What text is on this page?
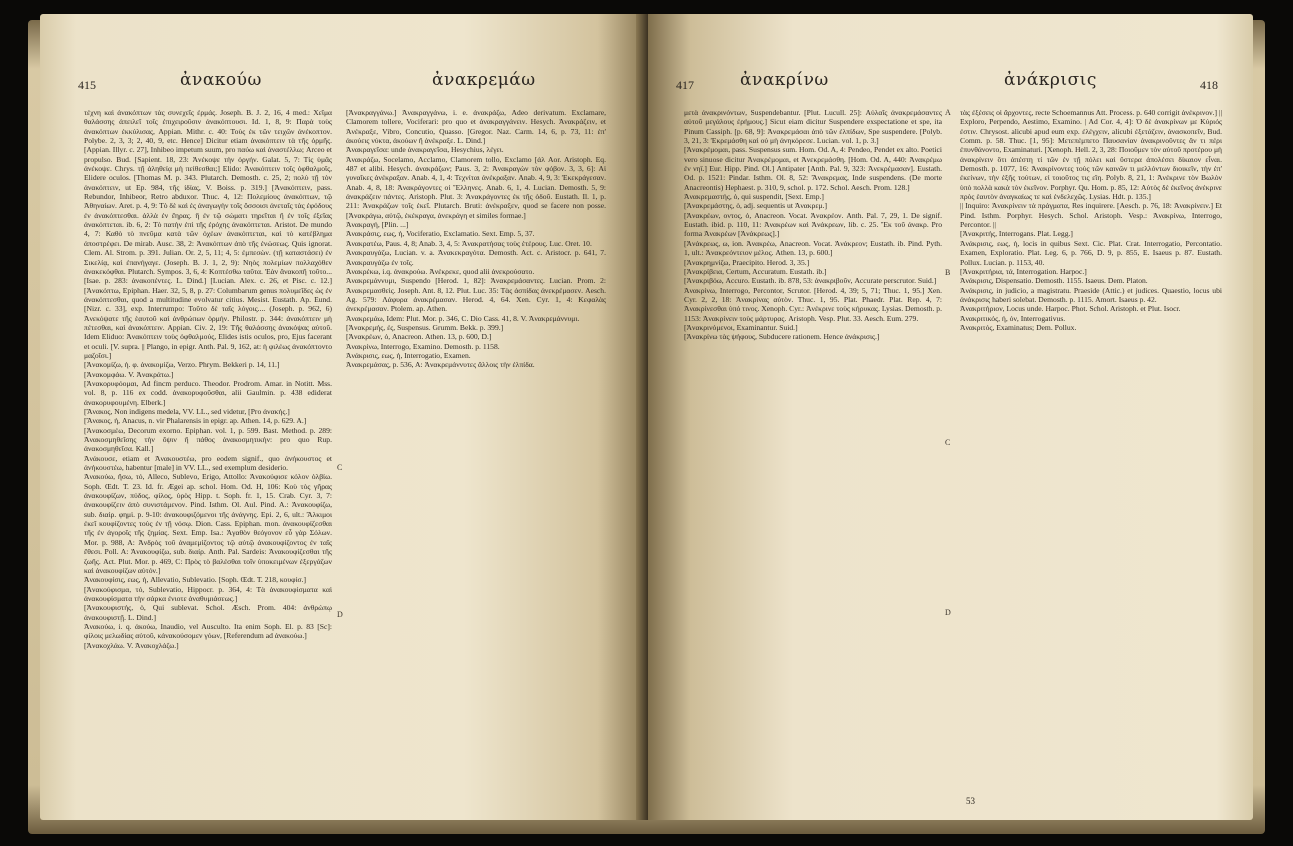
415	ἀνακούω	ἀνακρεμάω
τέχνη καὶ ἀνακόπτων τὰς συνεχεῖς ἐρμάς. Joseph. B. J. 2, 16, 4 med.: Χεῖμα θαλάσσης ἀπειλεῖ τοῖς ἐπιχειροῦσιν ἀνακόπτουσι. Id. 1, 8, 9: Παρὰ τοὺς ἀνακόπτων ἐκκύλισας, Appian. Mithr. c. 40: Τοὺς ἐκ τῶν τειχῶν ἀνέκοπτον. Polybe. 2, 3, 3; 2, 40, 9, etc. Hence] Dicitur etiam ἀνακόπτειν τὰ τῆς ὁρμῆς. [Appian. Illyr. c. 27], Inhibeo impetum suum, pro παύω καὶ ἀναστέλλω; Arceo et propulso. Bud. [Sapient. 18, 23: Ἀνέκοψε τὴν ὀργήν. Galat. 5, 7: Τίς ὑμᾶς ἀνέκοψε. Chrys. τῇ ἀληθείᾳ μὴ πείθεσθαι;] Elido: Ἀνακόπτειν τοῖς ὀφθαλμοῖς, Elidere oculos. [Thomas M. p. 343. Plutarch. Demosth. c. 25, 2; πολὺ τῇ τὸν ἀνακόπτειν, ut Ep. 984, τῆς ἰδίας, V. Boiss. p. 319.] [Ἀνακόπτειν, pass. Rebundor, Inhibeor, Retro abduxor. Thuc. 4, 12: Πολεμίους ἀνακόπτων, τῷ Ἀθηναίων. Aret. p. 4, 9: Τὸ δὲ καὶ ἐς ἀναγωγὴν τοῖς ὄσσοισι ἀνεταῖς τὰς ἐφόδους ἐν ἀνακόπτεσθαι. ἀλλὰ ἐν ἔηρας. ἢ ἐν τῷ σώματι τηρεῖται ἢ ἐν τοῖς ἐξεῖας ἀνακόπτεται. ib. 6, 2: Τὸ πατὴν ἐπὶ τῆς ἐρόχης ἀνακόπτεται. Aristot. De mundo 4, 7: Καθὸ τὸ πνεῦμα κατὰ τῶν ὀχέων ἀνακόπτεται, καὶ τὸ κατέβλημα ἀποστρέφει. De mirab. Ausc. 38, 2: Ἀνακόπτων ἀπὸ τῆς ἐνώσεως. Quis ignorat. Clem. Al. Strom. p. 391. Julian. Or. 2, 5, 11; 4, 5: ἐμπεσὼν. (τῇ καταστάσει) ἐν Σικελίᾳ, καὶ ἐπανήγαγε. (Joseph. B. J. 1, 2, 9): Νηὸς πολεμίων πολλαχόθεν ἀνακεκόφθαι. Plutarch. Sympos. 3, 6, 4: Κοπτέσθω ταῦτα. Ἐὰν ἄνακοπῆ τοῦτο... [Isae. p. 283: ἀνακοπέντες. L. Dind.] [Lucian. Alex. c. 26, et Pisc. c. 12.] [Ἀνακόπτω, Epiphan. Haer. 32, 5, 8, p. 27: Columbarum genus πολυμεῖδες ὡς ἐν ἀνακόπτεσθαι, quod a multitudine evolvatur citius. Mesist. Eustath. Ap. Eund. [Nizr. c. 33], exp. Interrumpo: Τοῦτο δὲ ταῖς λόγοις.... (Joseph. p. 962, 6) Ἀνεκόψατε τῆς ἑαυτοῦ καὶ ἀνθρώπων ὁρμήν. Philostr. p. 344: ἀνακόπτειν μὴ πέτεσθαι, καὶ ἀνακόπτειν. Appian. Civ. 2, 19: Τῆς θαλάσσης ἀνακόψας αὐτοῦ. Idem Eliduo: Ἀνακόπτειν τοὺς ὀφθαλμούς, Elides istis oculos, pro, Ejus facerant et oculi. [V. supra. || Plango, in epigr. Anth. Pal. 9, 162, at: ἡ φιλέως ἀνακόπτοντο μαζοῖσι.]
[Ἀνακομίζω, ἡ. φ. ἀνακομίζω, Verzo. Phrym. Bekkeri p. 14, 11.]
[Ἀνακομφάω. V. Ἀνακράτω.]
[Ἀνακορυφόομαι, Ad fincm perduco. Theodor. Prodrom. Amar. in Notitt. Mss. vol. 8, p. 116 ex codd. ἀνακορυφοῦσθαι, alii Gaulmin. p. 438 ediderat ἀνακορυφουμένη. Elberk.]
[Ἄνακος, Non indigens medela, VV. LL., sed videtur, [Pro ἀνακής.]
[Ἄνακος, ἡ, Anacus, n. vir Phalarensis in epigr. ap. Athen. 14, p. 629. A.]
[Ἀνακοσμέω, Decorum exorno. Epiphan. vol. 1, p. 599. Bast. Method. p. 289: Ἀνακοσμηθεῖσης τὴν ὄψιν ἢ πάθος ἀνακοσμητικὴν: pro quo Rup. ἀνακοσμηθεῖσα. Kall.]
Ἀνάκουσε, etiam et Ἀνακουστέω, pro eodem signif., quo ἀνήκουστος et ἀνήκουστέω, habentur [male] in VV. LL., sed exemplum desiderio.
Ἀνακούω, ἤσω, τό, Alleco, Sublevo, Erigo, Attollo: Ἀνακούφισε κόλον ὀλβίω. Soph. Œdt. T. 23. Id. fr. Ægei ap. schol. Hom. Od. H, 106: Κοὺ τὸς γῆρας ἀνακουφίζων, πύδος, φίλος, ὑρὸς Hipp. t. Soph. fr. 1, 15. Crab. Cyr. 3, 7: ἀνακουφίζειν ἀπὸ συνιστάμενον. Pind. Isthm. Ol. Aul. Pind. A.: Ἀνακουφίζω, sub. διαίρ. φημὶ. p. 9-10: ἀνακουφιζόμενοι τῆς ἀνάγνης. Epi. 2, 6, ult.: Ἄλκιμοι ἐκεῖ κουφίζοντες τοὺς ἐν τῇ νόσῳ. Dion. Cass. Epiphan. mon. ἀνακουφίζεσθαι τῆς ἐν ἀγοροῖς τῆς ζημίας. Sext. Emp. Isa.: Ἀγαθὸν θεόγονον εὖ γὰρ Σόλων. Mor. p. 988, A: Ἀνδρὸς τοῦ ἀναμεμίζοντος τῷ αὐτῷ ἀνακουφίζοντος ἐν ταῖς ἔθεσι. Poll. A: Ἀνακουφίζω, sub. διαίρ. Anth. Pal. Sardeis: Ἀνακουφίζεσθαι τῆς ζωῆς. Act. Plut. Mor. p. 469, C: Πρὸς τὸ βαλέσθαι τοῖν ὑποκειμένων ἐξεργάζων καὶ ἀνακουφίζων αὐτόν.]
Ἀνακουφίσις, εως, ἡ, Allevatio, Sublevatio. [Soph. Œdt. T. 218, κουφίσ.]
[Ἀνακούφισμα, τό, Sublevatio, Hippocr. p. 364, 4: Τὰ ἀνακουφίσματα καὶ ἀνακουφίσματα τὴν σάρκα ἐνιοτε ἀναθυμιάσεως.]
[Ἀνακουφιστής, ὁ, Qui sublevat. Schol. Æsch. Prom. 404: ἀνθρώπῳ ἀνακουφιστῇ. L. Dind.]
Ἀνακούω, i. q. ἀκούω, Inaudio, vel Ausculto. Ita enim Soph. El. p. 83 [Sc]: φίλοις μελωδίας αὐτοῦ, κἀνακούσομεν γόων, [Referendum ad ἀνακούω.]
[Ἀνακοχλάω. V. Ἀνακοχλάζω.]
[Ἀνακραγγάνω.] Ἀνακραγγάνω, i. e. ἀνακράζω, Adeo derivatum. Exclamare, Clamorem tollere, Vociferari: pro quo et ἀνακραγγάνειν. Hesych. Ἀνακράζειν, et Ἀνέκραξε, Vibro, Concutio, Quasso. [Gregor. Naz. Carm. 14, 6, p. 73, 11: ἐπ' ἀκούεις νύκτα, ἀκούων ἢ ἀνέκραξε. L. Dind.]
Ἀνακραγεῖσα: unde ἀνακραγεῖσα, Hesychius, λέγει.
Ἀνακράζω, Socelamo, Acclamo, Clamorem tollo, Exclamo [ἀλ Aor. Aristoph. Eq. 487 et alibi. Hesych. ἀνακράζων; Paus. 3, 2: Ἀνακραγὼν τὸν φόβον. 3, 3, 6]: Αἱ γυναῖκες ἀνέκραξαν. Anab. 4, 1, 4: Τεχνίται ἀνέκραξαν. Anab. 4, 9, 3: Ἐκεκράγεσαν. Anab. 4, 8, 18: Ἀνακράγοντες οἱ Ἕλληνες. Anab. 6, 1, 4. Lucian. Demosth. 5, 9: ἀνακράζειν πάντες. Aristoph. Plut. 3: Ἀνακράγοντες ἐκ τῆς ὁδοῦ. Eustath. Il. 1, p. 211: Ἀνακράζων τοῖς ἐκεῖ. Plutarch. Bruti: ἀνέκραξεν, quod se facere non posse. [Ἀνακράγω, αὐτῷ, ἐκέκραγα, ἀνεκράγη et similes formae.]
Ἀνακραγή, [Plin. ...]
Ἀνακράσις, εως, ἡ, Vociferatio, Exclamatio. Sext. Emp. 5, 37.
Ἀνακρατέω, Paus. 4, 8; Anab. 3, 4, 5: Ἀνακρατήσας τοὺς ἑτέρους. Luc. Oret. 10.
Ἀνακραυγάζω, Lucian. v. a. Ἀνακεκραγότα. Demosth. Act. c. Aristocr. p. 641, 7. Ἀνακραυγάζω ἐν τοῖς.
Ἀνακρέκω, i.q. ἀνακρούω. Ἀνέκρεκε, quod alii ἀνεκρούσατο.
Ἀνακρεμάννυμι, Suspendo [Herod. 1, 82]: Ἀνακρεμάσαντες. Lucian. Prom. 2: Ἀνακρεμασθεὶς. Joseph. Ant. 8, 12. Plut. Luc. 35: Τὰς ἀσπίδας ἀνεκρέμασεν. Aesch. Ag. 579: Λάφυρα ἀνακρέμασαν. Herod. 4, 64. Xen. Cyr. 1, 4: Κεφαλὰς ἀνεκρέμασαν. Ptolem. ap. Athen.
Ἀνακρεμάω, Idem: Plut. Mor. p. 346, C. Dio Cass. 41, 8. V. Ἀνακρεμάννυμι.
[Ἀνακρεμής, ές, Suspensus. Grumm. Bekk. p. 399.]
[Ἀνακρέων, ὁ, Anacreon. Athen. 13, p. 600, D.]
Ἀνακρίνω, Interrogo, Examino. Demosth. p. 1158.
Ἀνάκρισις, εως, ἡ, Interrogatio, Examen.
Ἀνακρεμάσας, p. 536, A: Ἀνακρεμάννυτες ἄλλοις τὴν ἐλπίδα.
C
D
417	ἀνακρίνω	ἀνάκρισις	418
μετὰ ἀνακρινόντων, Suspendebantur. [Plut. Lucull. 25]: Αὐλαῖς ἀνακρεμάσαντες αὐτοῦ μεγάλους ἐρήμους.] Sicut eiam dicitur Suspendere exspectatione et spe, ita Pinum Cassiph. [p. 68, 9]: Ἀνακρεμάσαι ἀπὸ τῶν ἐλπίδων, Spe suspendere. [Polyb. 3, 21, 3: Ἐκρεμάσθη καὶ οὐ μὴ ἀνηκόρεσε. Lucian. vol. 1, p. 3.]
[Ἀνακρέμομαι, pass. Suspensus sum. Hom. Od. A, 4: Pendeo, Pendet ex alto. Poetici vero sinuose dicitur Ἀνακρέμομαι, et Ἀνεκρεμάσθη. [Hom. Od. A, 440: Ἀνακρέμω ἐν νηΐ.] Eur. Hipp. Pind. Ol.] Antipater [Anth. Pal. 9, 323: Ἀνεκρέμασαν]. Eustath. Od. p. 1521: Pindar. Isthm. Ol. 8, 52: Ἄνακρεμας, Inde suspendens. (De morte Anacreontis) Hephaest. p. 310, 9, schol. p. 172. Schol. Aesch. Prom. 128.]
Ἀνακρεμαστής, ὁ, qui suspendit, [Sext. Emp.]
[Ἀνακρεμάστης, ὁ, adj. sequentis ut Ἀνακρεμ.]
[Ἀνακρέων, οντος, ὁ, Anacreon. Vocat. Ἀνακρέον. Anth. Pal. 7, 29, 1. De signif. Eustath. ibid. p. 110, 11: Ἀνακρέων καὶ Ἀνάκρεων, lib. c. 25. Ἔκ τοῦ ἀνακρ. Pro forma Ἀνακρέων [Ἀνάκρεως].]
[Ἀνάκρεως, ω, ion. Ἀνακρέω, Anacreon. Vocat. Ἀνάκρεον; Eustath. ib. Pind. Pyth. 1, ult.: Ἀνακρεόντειον μέλος. Athen. 13, p. 600.]
[Ἀνακρημνίζω, Praecipito. Herod. 3, 35.]
[Ἀνακρίβεια, Certum, Accuratum. Eustath. ib.]
[Ἀνακριβόω, Accuro. Eustath. ib. 878, 53: ἀνακριβοῦν, Accurate perscrutor. Suid.]
Ἀνακρίνω, Interrogo, Percontor, Scrutor. [Herod. 4, 39; 5, 71; Thuc. 1, 95.] Χen. Cyr. 2, 2, 18: Ἀνακρίνας αὐτὸν. Thuc. 1, 95. Plat. Phaedr. Plat. Rep. 4, 7: Ἀνακρίνεσθαι ὑπό τινος. Xenoph. Cyr.: Ἀνέκρινε τοὺς κήρυκας. Lysias. Demosth. p. 1153: Ἀνακρίνειν τοὺς μάρτυρας. Aristoph. Vesp. Plut. 33. Aesch. Eum. 279.
[Ἀνακρινόμενοι, Examinantur. Suid.]
[Ἀνακρίνω τὰς ψήφους, Subducere rationem. Hence ἀνάκρισις.]
τὰς ἐξέσεις οἱ ἄρχοντες, recte Schoemannus Att. Process. p. 640 corrigit ἀνέκρινον.] || Exploro, Perpendo, Aestimo, Examino. | Ad Cor. 4, 4]: Ὁ δὲ ἀνακρίνων με Κύριός ἐστιν. Chrysost. alicubi apud eum exp. ἐλέγχειν, alicubi ἐξετάζειν, ἀνασκοπεῖν, Bud. Comm. p. 58. Thuc. [1, 95]: Μετεπέμπετο Παυσανίαν ἀνακρινοῦντες ἂν τι πέρι ἐπυνθάνοντο, Examinaturi. [Xenoph. Hell. 2, 3, 28: Ποιοῦμεν τὸν αὐτοῦ προτέρου μὴ ἀνακρίνειν ὅτι ἀπέστη τί τῶν ἐν τῇ πόλει καὶ ὕστερα ἀπολέσει δίκαιον εἶναι. Demosth. p. 1077, 16: Ἀνακρίνοντες τοὺς τῶν καινῶν τι μελλόντων διοικεῖν, τὴν ἐπ' ἐκείνων, τὴν ἑξῆς τούτων, εἰ τοιοῦτος τις εἴη. Polyb. 8, 21, 1: Ἀνέκρινε τὸν Βωλὸν ὑπὸ πολλὰ κακὰ τὸν ἐκεῖνον. Porphyr. Qu. Hom. p. 85, 12: Αὐτὸς δὲ ἐκεῖνος ἀνέκρινε πρὸς ἑαυτὸν ἀναγκαίως τε καὶ ἐνδελεχῶς. Lysias. Hdt. p. 135.]
|| Inquiro: Ἀνακρίνειν τὰ πράγματα, Res inquirere. [Aesch. p. 76, 18: Ἀνακρίνειν.] Et Pind. Isthm. Porphyr. Hesych. Schol. Aristoph. Vesp.: Ἀνακρίνω, Interrogo, Percontor. ||
[Ἀνακριτής, Interrogans. Plat. Legg.]
Ἀνάκρισις, εως, ἡ, locis in quibus Sext. Cic. Plat. Crat. Interrogatio, Percontatio. Examen, Exploratio. Plat. Leg. 6, p. 766, D. 9, p. 855, E. Isaeus p. 87. Eustath. Pollux. Lucian. p. 1153, 40.
[Ἀνακριτήρια, τά, Interrogation. Harpoc.]
Ἀνάκρισις, Dispensatio. Demosth. 1155. Isaeus. Dem. Platon.
Ἀνάκρισις, in judicio, a magistratu. Praeside (Attic.) et judices. Quaestio, locus ubi ἀνάκρισις haberi solebat. Demosth. p. 1115. Amort. Isaeus p. 42.
Ἀνακριτήριον, Locus unde. Harpoc. Phot. Schol. Aristoph. et Plut. Isocr.
Ἀνακριτικός, ή, όν, Interrogativus.
Ἀνακριτός, Examinatus; Dem. Pollux.
A
B
C
D
53
